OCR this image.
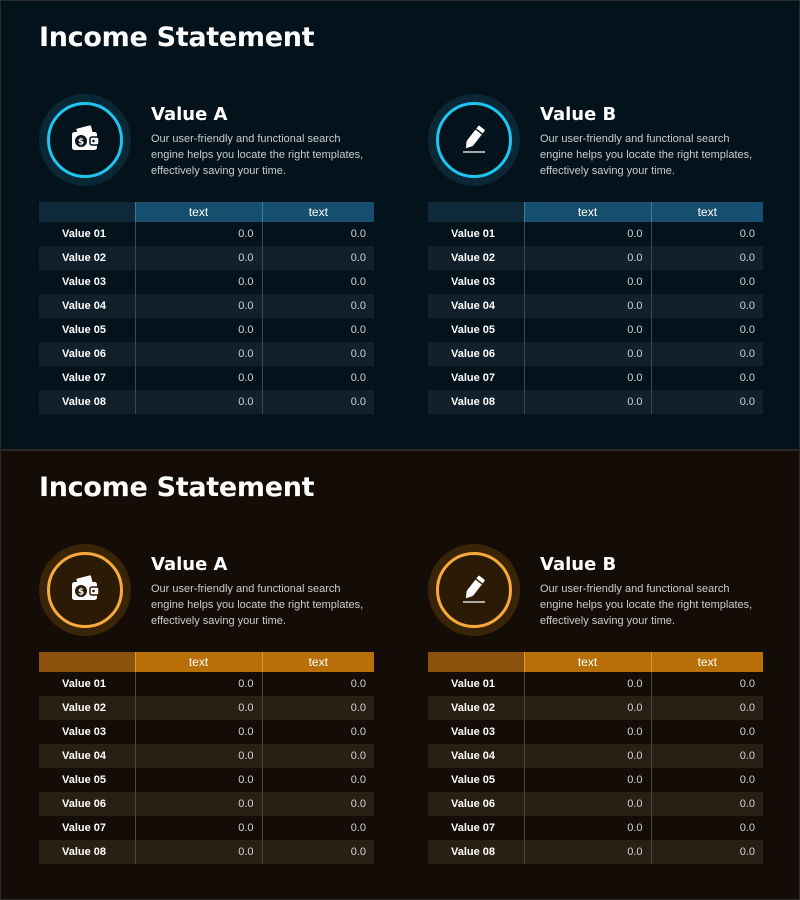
Income Statement
$
Value A

Our user-friendly and functional search engine helps you locate the right templates, effectively saving your time.

	text	text
Value 01	0.0	0.0
Value 02	0.0	0.0
Value 03	0.0	0.0
Value 04	0.0	0.0
Value 05	0.0	0.0
Value 06	0.0	0.0
Value 07	0.0	0.0
Value 08	0.0	0.0
Value B

Our user-friendly and functional search engine helps you locate the right templates, effectively saving your time.

	text	text
Value 01	0.0	0.0
Value 02	0.0	0.0
Value 03	0.0	0.0
Value 04	0.0	0.0
Value 05	0.0	0.0
Value 06	0.0	0.0
Value 07	0.0	0.0
Value 08	0.0	0.0
Income Statement
$
Value A

Our user-friendly and functional search engine helps you locate the right templates, effectively saving your time.

	text	text
Value 01	0.0	0.0
Value 02	0.0	0.0
Value 03	0.0	0.0
Value 04	0.0	0.0
Value 05	0.0	0.0
Value 06	0.0	0.0
Value 07	0.0	0.0
Value 08	0.0	0.0
Value B

Our user-friendly and functional search engine helps you locate the right templates, effectively saving your time.

	text	text
Value 01	0.0	0.0
Value 02	0.0	0.0
Value 03	0.0	0.0
Value 04	0.0	0.0
Value 05	0.0	0.0
Value 06	0.0	0.0
Value 07	0.0	0.0
Value 08	0.0	0.0
